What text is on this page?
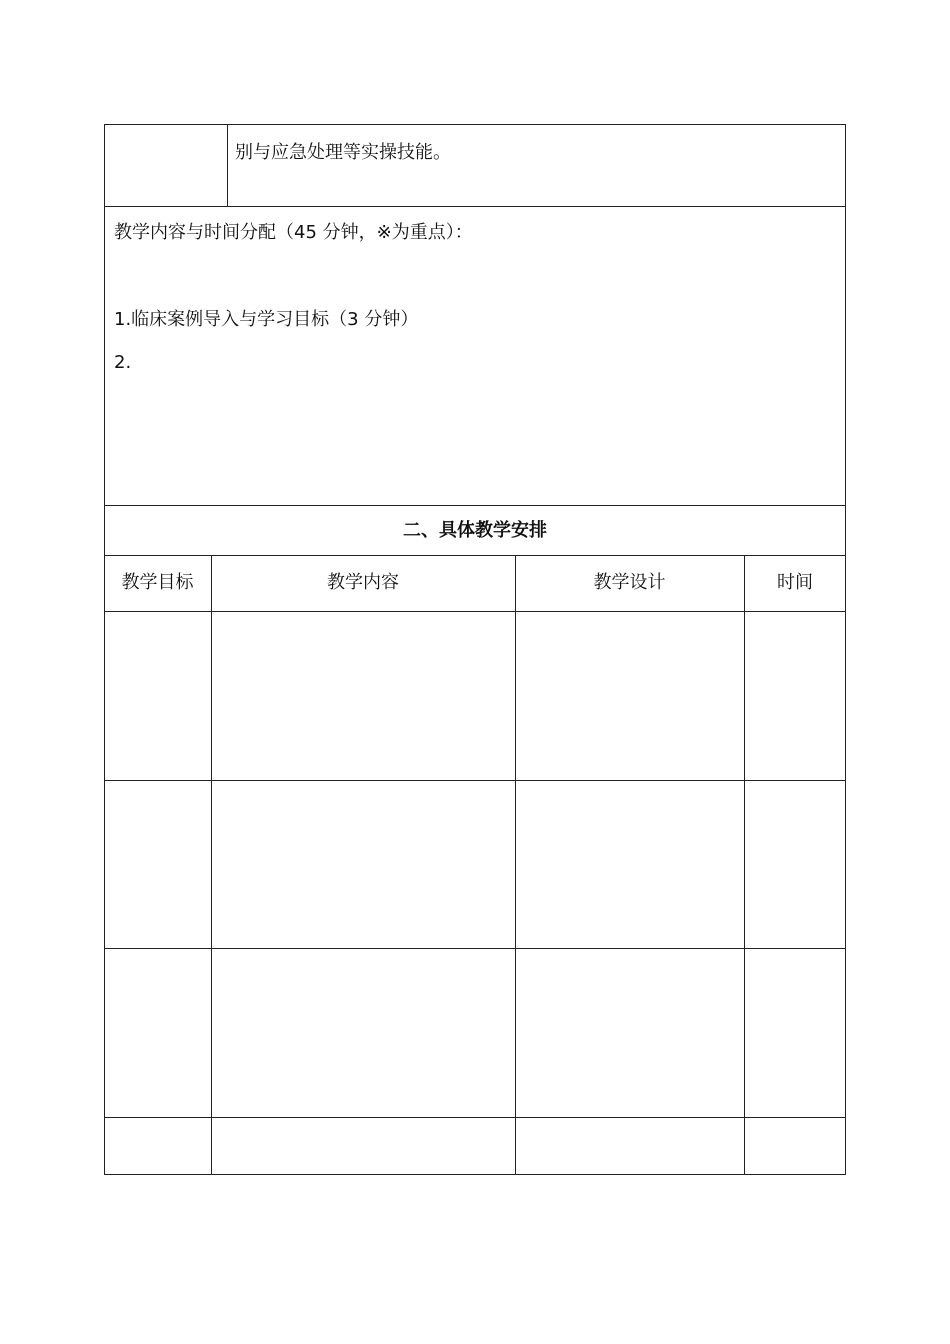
别与应急处理等实操技能。
教学内容与时间分配（45 分钟，※为重点）：
1.临床案例导入与学习目标（3 分钟）
2.
二、具体教学安排
教学目标	教学内容	教学设计	时间
